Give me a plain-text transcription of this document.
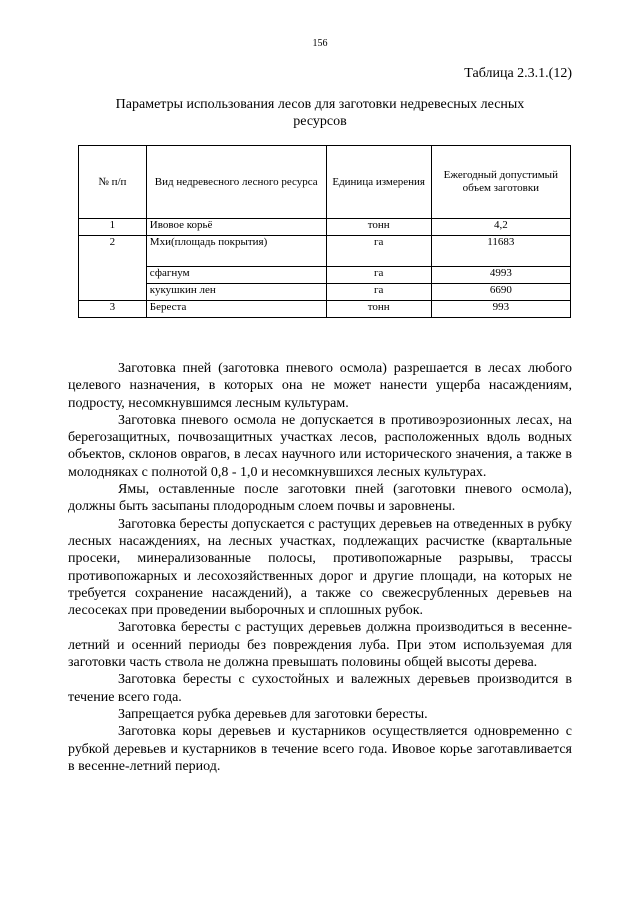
156
Таблица 2.3.1.(12)
Параметры использования лесов для заготовки недревесных лесных ресурсов
№ п/п	Вид недревесного лесного ресурса	Единица измерения	Ежегодный допустимый объем заготовки
1	Ивовое корьё	тонн	4,2
2	Мхи(площадь покрытия)	га	11683
	сфагнум	га	4993
	кукушкин лен	га	6690
3	Береста	тонн	993

Заготовка пней (заготовка пневого осмола) разрешается в лесах любого целевого назначения, в которых она не может нанести ущерба насаждениям, подросту, несомкнувшимся лесным культурам.

Заготовка пневого осмола не допускается в противоэрозионных лесах, на берегозащитных, почвозащитных участках лесов, расположенных вдоль водных объектов, склонов оврагов, в лесах научного или исторического значения, а также в молодняках с полнотой 0,8 - 1,0 и несомкнувшихся лесных культурах.

Ямы, оставленные после заготовки пней (заготовки пневого осмола), должны быть засыпаны плодородным слоем почвы и заровнены.

Заготовка бересты допускается с растущих деревьев на отведенных в рубку лесных насаждениях, на лесных участках, подлежащих расчистке (квартальные просеки, минерализованные полосы, противопожарные разрывы, трассы противопожарных и лесохозяйственных дорог и другие площади, на которых не требуется сохранение насаждений), а также со свежесрубленных деревьев на лесосеках при проведении выборочных и сплошных рубок.

Заготовка бересты с растущих деревьев должна производиться в весенне-летний и осенний периоды без повреждения луба. При этом используемая для заготовки часть ствола не должна превышать половины общей высоты дерева.

Заготовка бересты с сухостойных и валежных деревьев производится в течение всего года.

Запрещается рубка деревьев для заготовки бересты.

Заготовка коры деревьев и кустарников осуществляется одновременно с рубкой деревьев и кустарников в течение всего года. Ивовое корье заготавливается в весенне-летний период.
